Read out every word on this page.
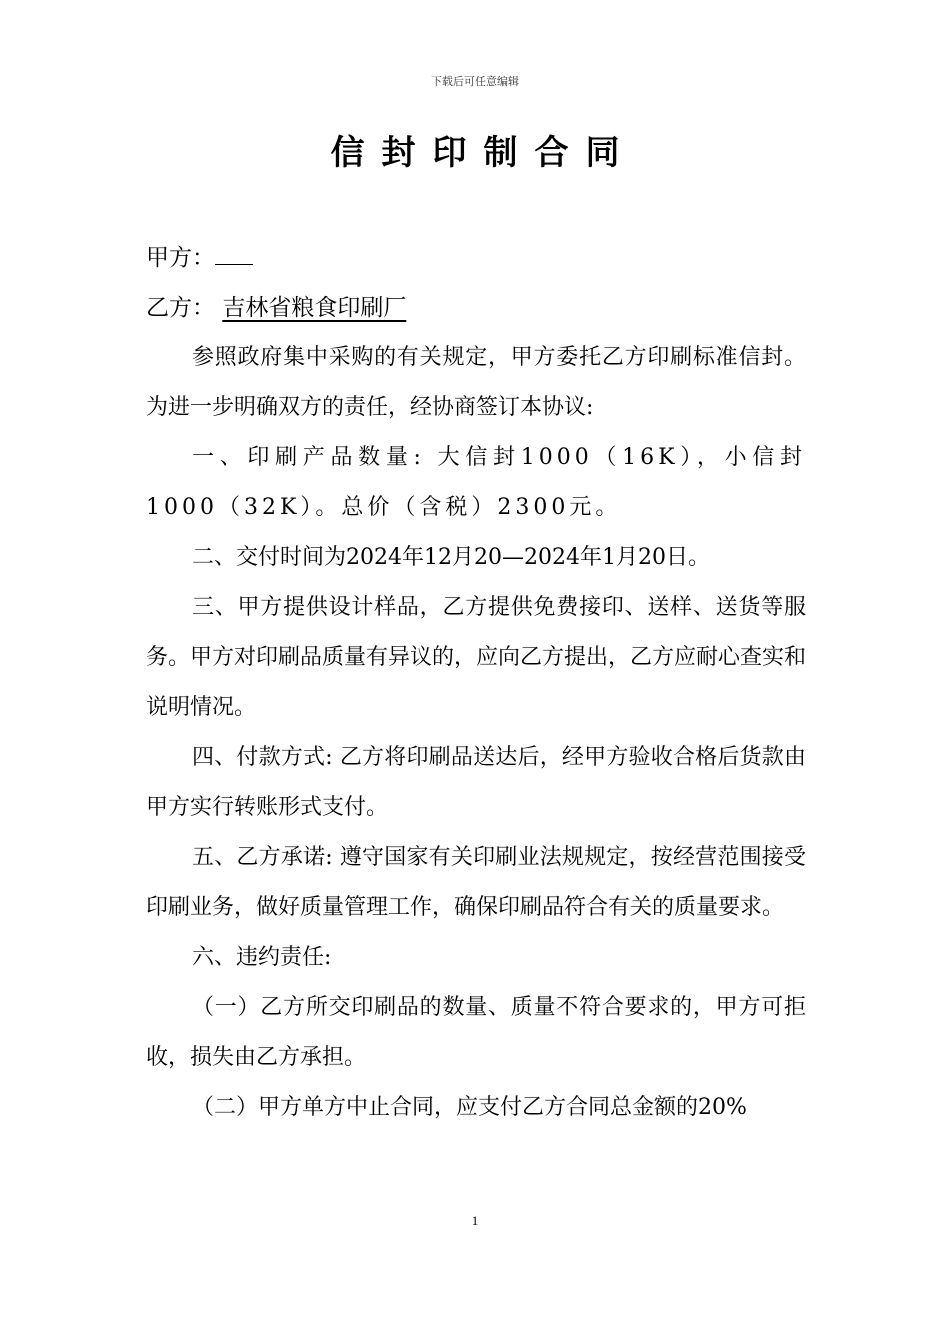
下载后可任意编辑
信封印制合同

甲方：

乙方： 吉林省粮食印刷厂

参照政府集中采购的有关规定，甲方委托乙方印刷标准信封。为进一步明确双方的责任，经协商签订本协议:

一、印刷产品数量: 大信封1000（16K），小信封1000（32K）。总价（含税）2300元。

二、交付时间为2024年12月20—2024年1月20日。

三、甲方提供设计样品，乙方提供免费接印、送样、送货等服务。甲方对印刷品质量有异议的，应向乙方提出，乙方应耐心查实和说明情况。

四、付款方式: 乙方将印刷品送达后，经甲方验收合格后货款由甲方实行转账形式支付。

五、乙方承诺: 遵守国家有关印刷业法规规定，按经营范围接受印刷业务，做好质量管理工作，确保印刷品符合有关的质量要求。

六、违约责任:

（一）乙方所交印刷品的数量、质量不符合要求的，甲方可拒收，损失由乙方承担。

（二）甲方单方中止合同，应支付乙方合同总金额的20%

1
